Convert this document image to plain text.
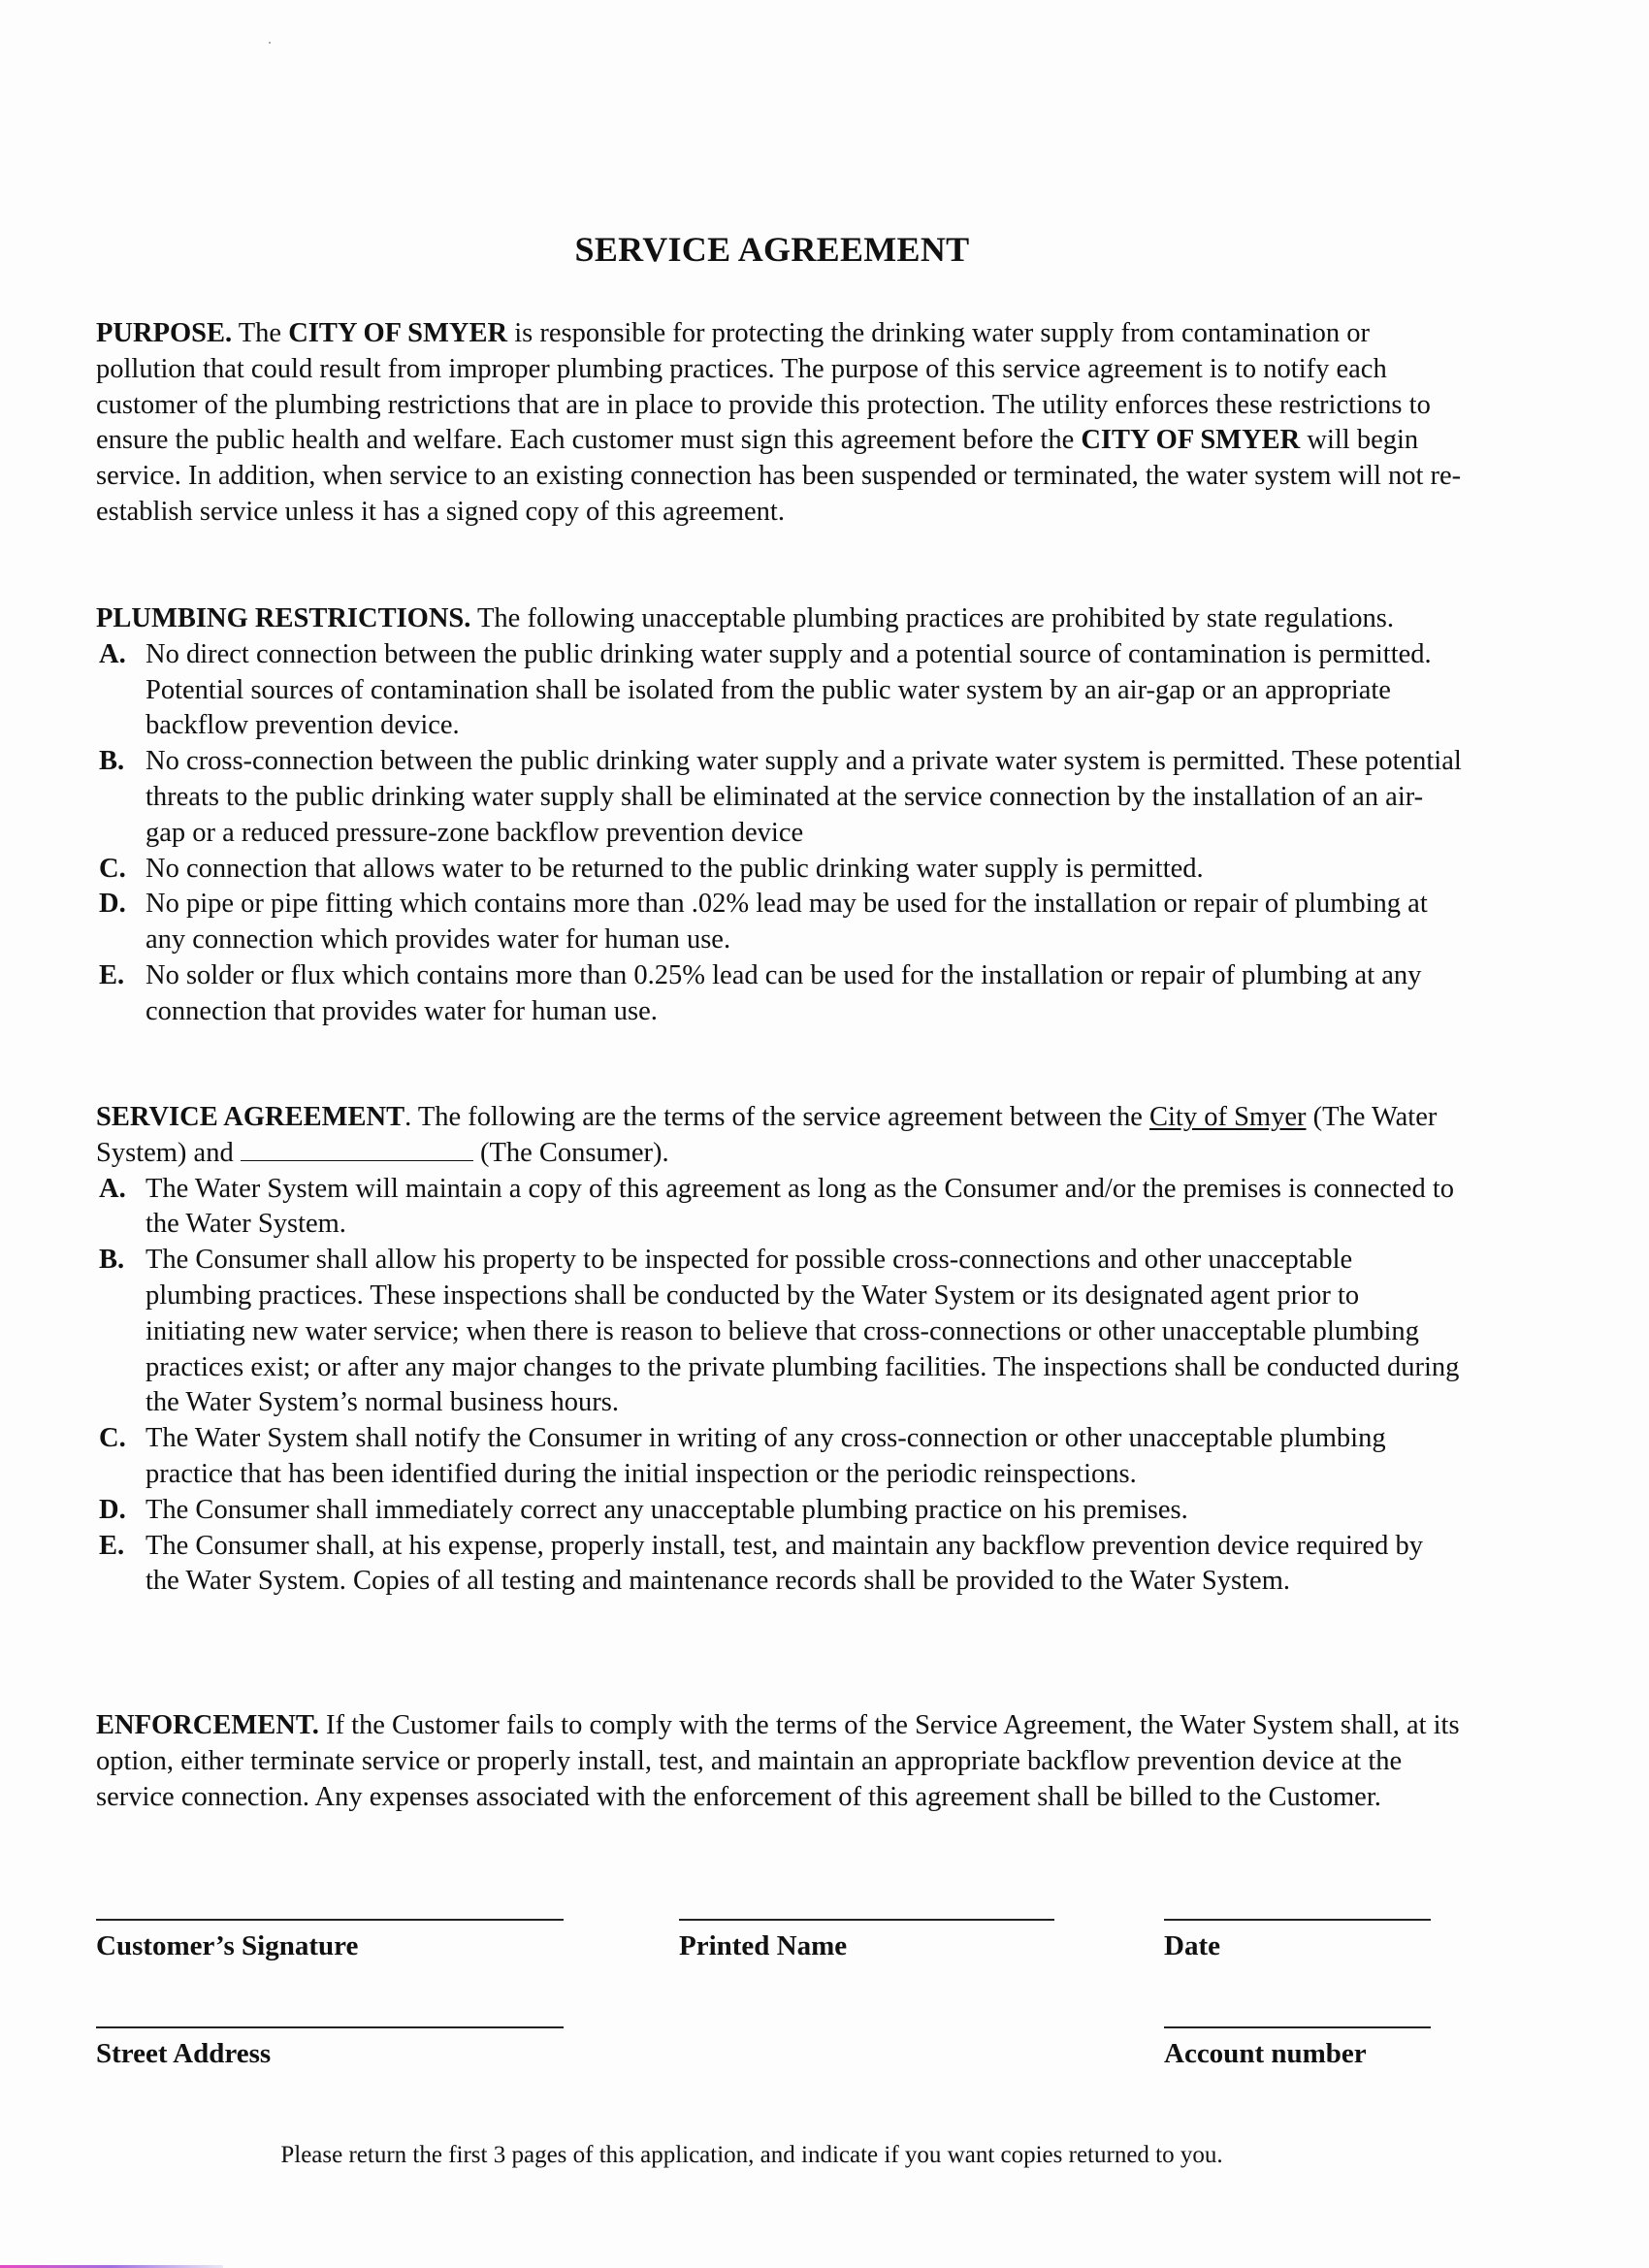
SERVICE AGREEMENT

PURPOSE. The CITY OF SMYER is responsible for protecting the drinking water supply from contamination or pollution that could result from improper plumbing practices. The purpose of this service agreement is to notify each customer of the plumbing restrictions that are in place to provide this protection. The utility enforces these restrictions to ensure the public health and welfare. Each customer must sign this agreement before the CITY OF SMYER will begin service. In addition, when service to an existing connection has been suspended or terminated, the water system will not re-establish service unless it has a signed copy of this agreement.

PLUMBING RESTRICTIONS. The following unacceptable plumbing practices are prohibited by state regulations.

A. No direct connection between the public drinking water supply and a potential source of contamination is permitted. Potential sources of contamination shall be isolated from the public water system by an air-gap or an appropriate backflow prevention device.
B. No cross-connection between the public drinking water supply and a private water system is permitted. These potential threats to the public drinking water supply shall be eliminated at the service connection by the installation of an air-gap or a reduced pressure-zone backflow prevention device
C. No connection that allows water to be returned to the public drinking water supply is permitted.
D. No pipe or pipe fitting which contains more than .02% lead may be used for the installation or repair of plumbing at any connection which provides water for human use.
E. No solder or flux which contains more than 0.25% lead can be used for the installation or repair of plumbing at any connection that provides water for human use.

SERVICE AGREEMENT. The following are the terms of the service agreement between the City of Smyer (The Water System) and	(The Consumer).

A. The Water System will maintain a copy of this agreement as long as the Consumer and/or the premises is connected to the Water System.
B. The Consumer shall allow his property to be inspected for possible cross-connections and other unacceptable plumbing practices. These inspections shall be conducted by the Water System or its designated agent prior to initiating new water service; when there is reason to believe that cross-connections or other unacceptable plumbing practices exist; or after any major changes to the private plumbing facilities. The inspections shall be conducted during the Water System’s normal business hours.
C. The Water System shall notify the Consumer in writing of any cross-connection or other unacceptable plumbing practice that has been identified during the initial inspection or the periodic reinspections.
D. The Consumer shall immediately correct any unacceptable plumbing practice on his premises.
E. The Consumer shall, at his expense, properly install, test, and maintain any backflow prevention device required by the Water System. Copies of all testing and maintenance records shall be provided to the Water System.

ENFORCEMENT. If the Customer fails to comply with the terms of the Service Agreement, the Water System shall, at its option, either terminate service or properly install, test, and maintain an appropriate backflow prevention device at the service connection. Any expenses associated with the enforcement of this agreement shall be billed to the Customer.

Customer’s Signature	Printed Name	Date
Street Address	Account number
Please return the first 3 pages of this application, and indicate if you want copies returned to you.
